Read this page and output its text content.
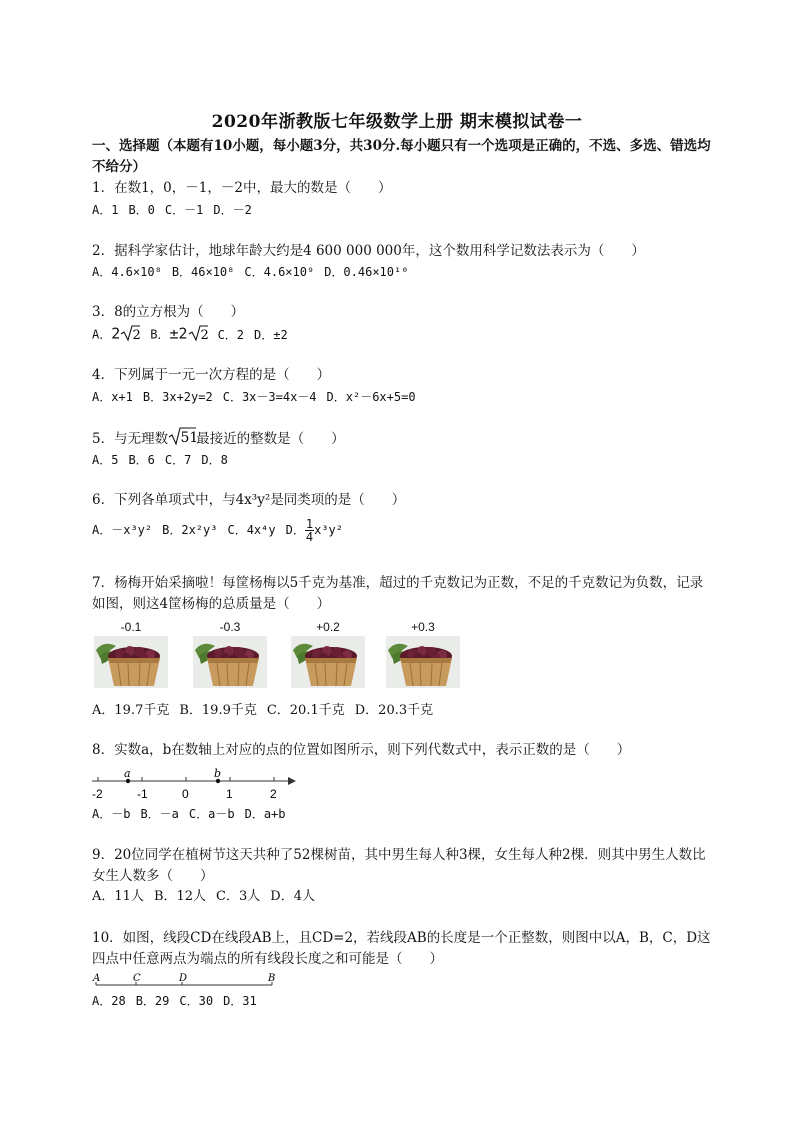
2020年浙教版七年级数学上册 期末模拟试卷一
一、选择题（本题有10小题，每小题3分，共30分.每小题只有一个选项是正确的，不选、多选、错选均不给分）
1．在数1，0，－1，－2中，最大的数是（　　）
A．1 B．0 C．－1 D．－2
2．据科学家估计，地球年龄大约是4 600 000 000年，这个数用科学记数法表示为（　　）
A．4.6×10⁸ B．46×10⁸ C．4.6×10⁹ D．0.46×10¹⁰
3．8的立方根为（　　）
A．2 2 B．±2 2 C．2 D．±2
4．下列属于一元一次方程的是（　　）
A．x+1 B．3x+2y=2 C．3x－3=4x－4 D．x²－6x+5=0
5．与无理数 51
最接近的整数是（　　）
A．5 B．6 C．7 D．8
6．下列各单项式中，与4x³y²是同类项的是（　　）
A．－x³y² B．2x²y³ C．4x⁴y D． $\frac{1}{4} x^3y^2$
7．杨梅开始采摘啦！每筐杨梅以5千克为基准，超过的千克数记为正数，不足的千克数记为负数，记录如图，则这4筐杨梅的总质量是（　　）
-0.1	-0.3	+0.2	+0.3
A．19.7千克 B．19.9千克 C．20.1千克 D．20.3千克
8．实数a，b在数轴上对应的点的位置如图所示，则下列代数式中，表示正数的是（　　）
-2	-1	0	1	2
a	b
A．－b B．－a C．a－b D．a+b
9．20位同学在植树节这天共种了52棵树苗，其中男生每人种3棵，女生每人种2棵．则其中男生人数比女生人数多（　　）
A．11人 B．12人 C．3人 D．4人
10．如图，线段CD在线段AB上，且CD=2，若线段AB的长度是一个正整数，则图中以A，B，C，D这四点中任意两点为端点的所有线段长度之和可能是（　　）
A	C	D	B
A．28 B．29 C．30 D．31
